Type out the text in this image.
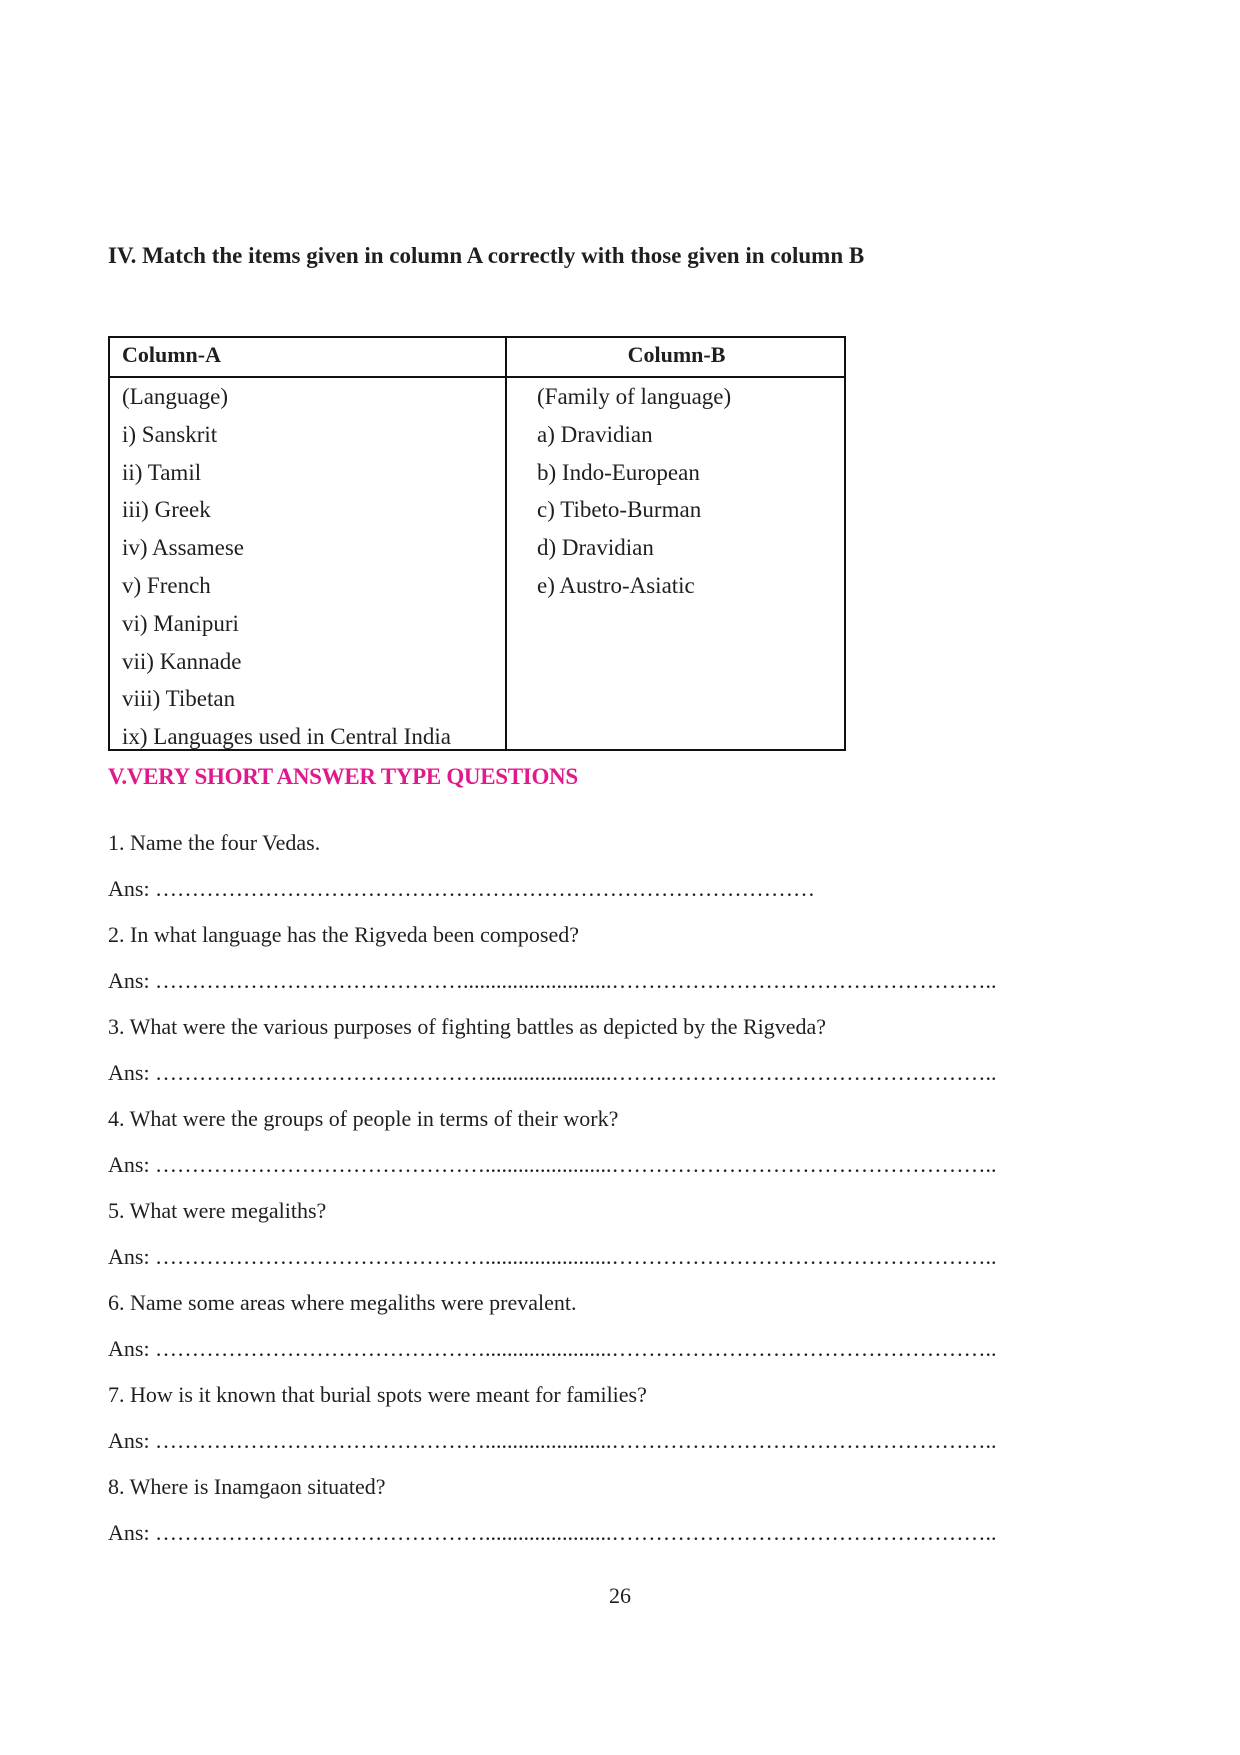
IV. Match the items given in column A correctly with those given in column B
Column-A	Column-B
(Language)
i) Sanskrit
ii) Tamil
iii) Greek
iv) Assamese
v) French
vi) Manipuri
vii) Kannade
viii) Tibetan
ix) Languages used in Central India
(Family of language)
a) Dravidian
b) Indo-European
c) Tibeto-Burman
d) Dravidian
e) Austro-Asiatic
V.VERY SHORT ANSWER TYPE QUESTIONS
1. Name the four Vedas.
Ans: ………………………………………………………………………………
2. In what language has the Rigveda been composed?
Ans: ……………………………………...........................……………………………………………..
3. What were the various purposes of fighting battles as depicted by the Rigveda?
Ans: ……………………………………….......................……………………………………………..
4. What were the groups of people in terms of their work?
Ans: ……………………………………….......................……………………………………………..
5. What were megaliths?
Ans: ……………………………………….......................……………………………………………..
6. Name some areas where megaliths were prevalent.
Ans: ……………………………………….......................……………………………………………..
7. How is it known that burial spots were meant for families?
Ans: ……………………………………….......................……………………………………………..
8. Where is Inamgaon situated?
Ans: ……………………………………….......................……………………………………………..
26
